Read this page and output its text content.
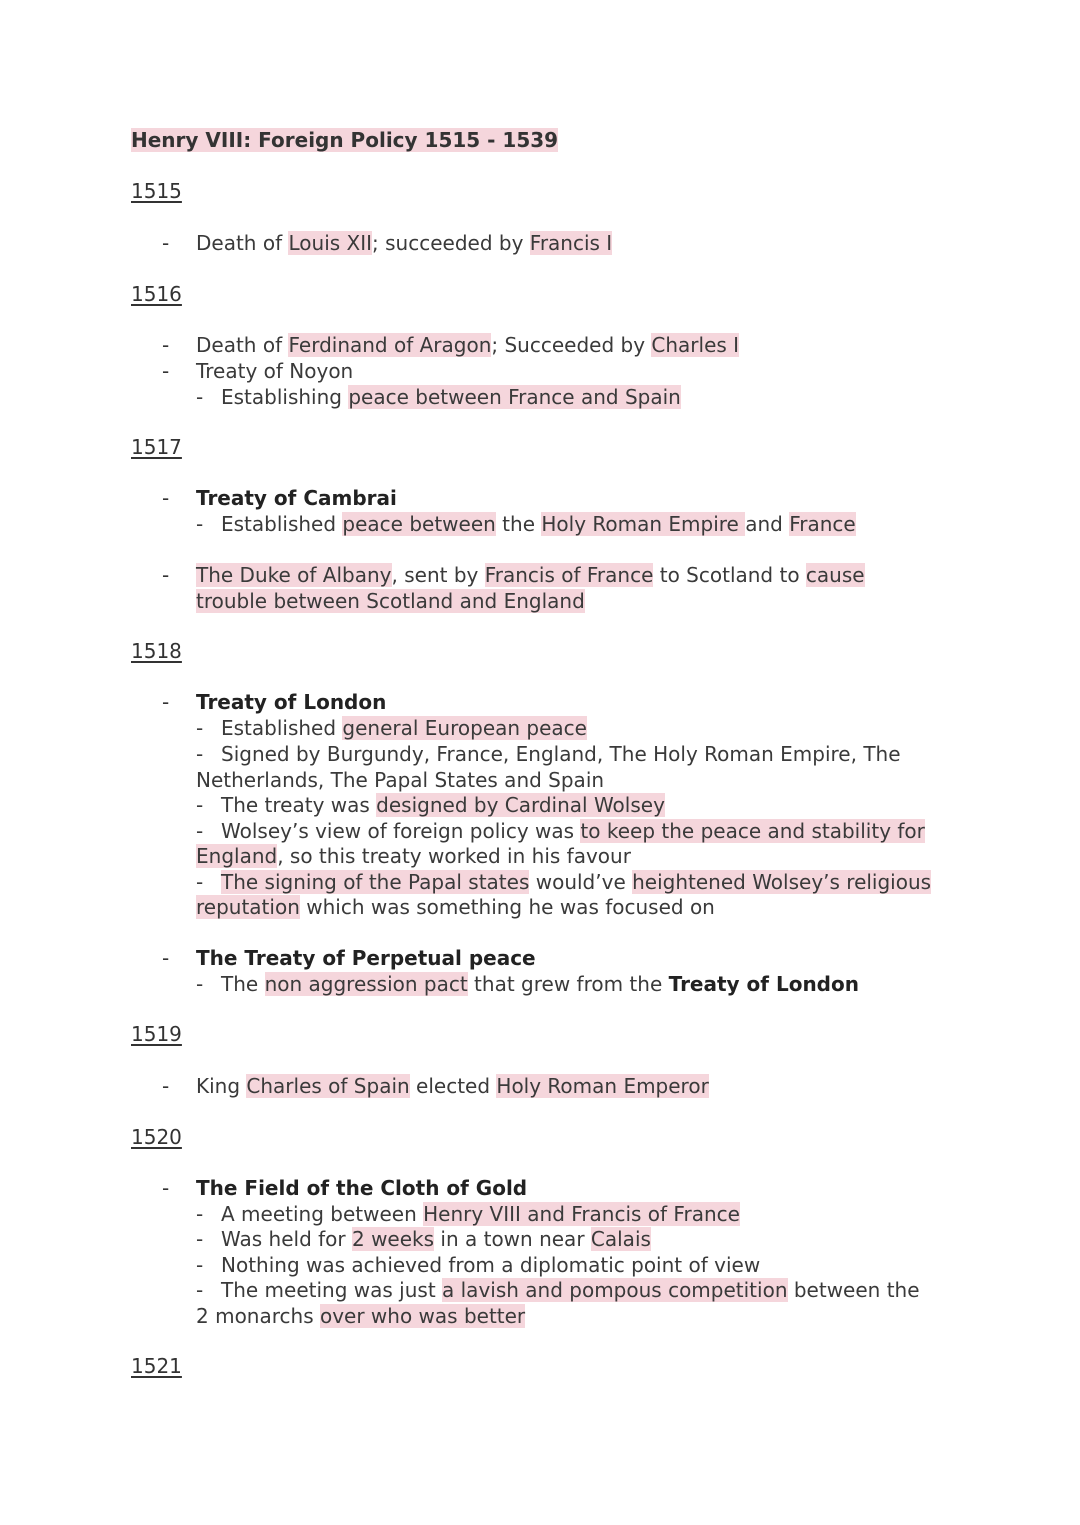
Henry VIII: Foreign Policy 1515 - 1539
1515
-	Death of Louis XII; succeeded by Francis I
1516
-	Death of Ferdinand of Aragon; Succeeded by Charles I
-	Treaty of Noyon
- Establishing peace between France and Spain
1517
-	Treaty of Cambrai
- Established peace between the Holy Roman Empire and France
-	The Duke of Albany, sent by Francis of France to Scotland to cause
trouble between Scotland and England
1518
-	Treaty of London
- Established general European peace
- Signed by Burgundy, France, England, The Holy Roman Empire, The
Netherlands, The Papal States and Spain
- The treaty was designed by Cardinal Wolsey
- Wolsey’s view of foreign policy was to keep the peace and stability for
England, so this treaty worked in his favour
- The signing of the Papal states would’ve heightened Wolsey’s religious
reputation which was something he was focused on
-	The Treaty of Perpetual peace
- The non aggression pact that grew from the Treaty of London
1519
-	King Charles of Spain elected Holy Roman Emperor
1520
-	The Field of the Cloth of Gold
- A meeting between Henry VIII and Francis of France
- Was held for 2 weeks in a town near Calais
- Nothing was achieved from a diplomatic point of view
- The meeting was just a lavish and pompous competition between the
2 monarchs over who was better
1521
